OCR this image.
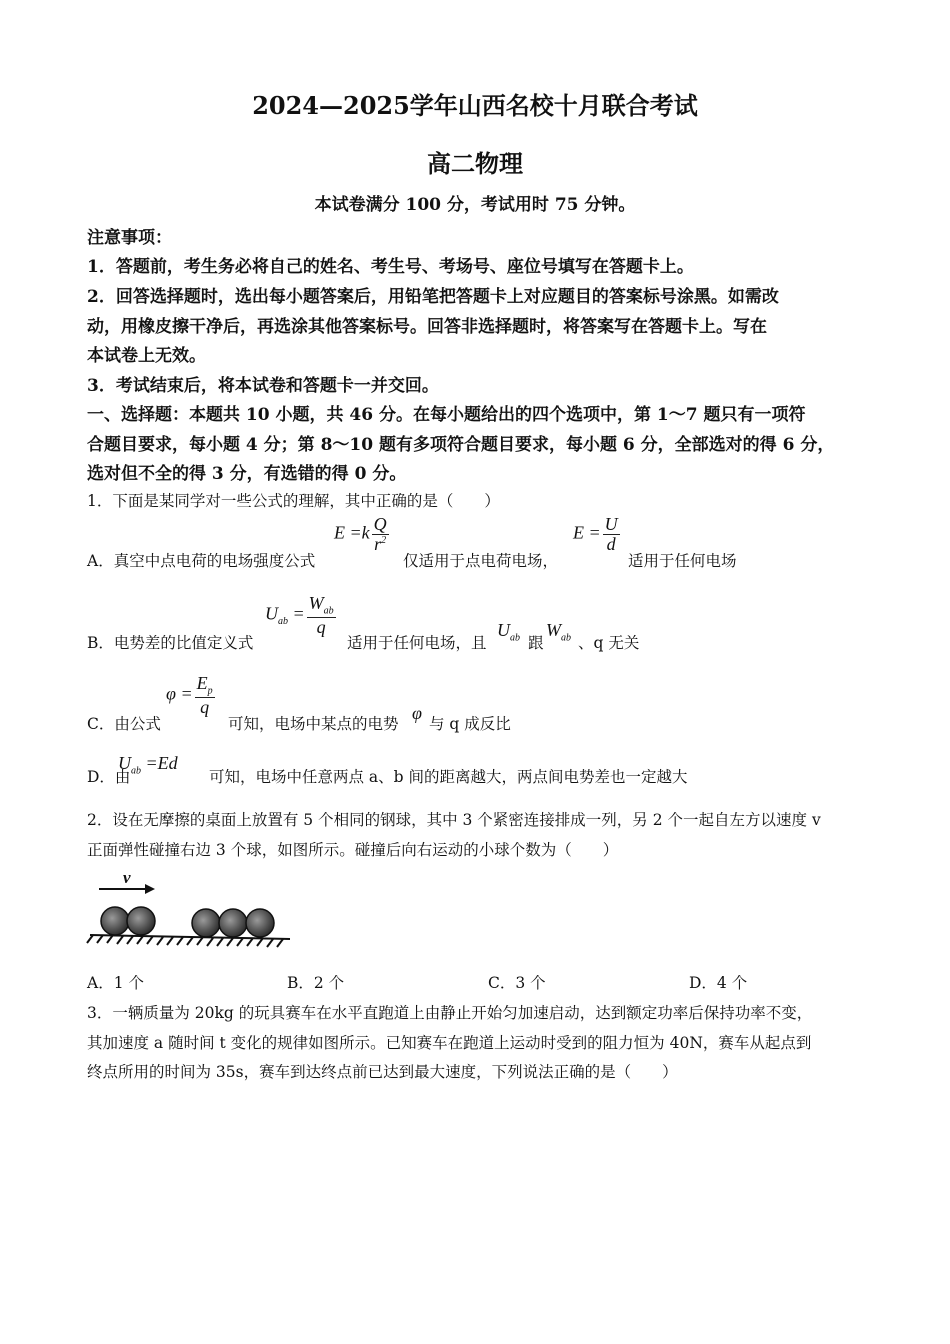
2024—2025学年山西名校十月联合考试
高二物理
本试卷满分 100 分，考试用时 75 分钟。
注意事项：
1．答题前，考生务必将自己的姓名、考生号、考场号、座位号填写在答题卡上。
2．回答选择题时，选出每小题答案后，用铅笔把答题卡上对应题目的答案标号涂黑。如需改
动，用橡皮擦干净后，再选涂其他答案标号。回答非选择题时，将答案写在答题卡上。写在
本试卷上无效。
3．考试结束后，将本试卷和答题卡一并交回。
一、选择题：本题共 10 小题，共 46 分。在每小题给出的四个选项中，第 1～7 题只有一项符
合题目要求，每小题 4 分；第 8～10 题有多项符合题目要求，每小题 6 分，全部选对的得 6 分，
选对但不全的得 3 分，有选错的得 0 分。
1．下面是某同学对一些公式的理解，其中正确的是（　　）
A．真空中点电荷的电场强度公式
$E =k \frac{Q}{r^2}$
仅适用于点电荷电场，
$E = \frac{U}{d}$
适用于任何电场
B．电势差的比值定义式
$U_{ab} = \frac{W_{ab}}{q}$
适用于任何电场，且
$U_{ab}$ 跟
$W_{ab}$ 、q 无关
C．由公式
$\varphi = \frac{E_p}{q}$
可知，电场中某点的电势
φ
与 q 成反比
D．由
$U_{ab} =Ed$
可知，电场中任意两点 a、b 间的距离越大，两点间电势差也一定越大
2．设在无摩擦的桌面上放置有 5 个相同的钢球，其中 3 个紧密连接排成一列，另 2 个一起自左方以速度 v
正面弹性碰撞右边 3 个球，如图所示。碰撞后向右运动的小球个数为（　　）
v
A．1 个	B．2 个	C．3 个	D．4 个
3．一辆质量为 20kg 的玩具赛车在水平直跑道上由静止开始匀加速启动，达到额定功率后保持功率不变，
其加速度 a 随时间 t 变化的规律如图所示。已知赛车在跑道上运动时受到的阻力恒为 40N，赛车从起点到
终点所用的时间为 35s，赛车到达终点前已达到最大速度，下列说法正确的是（　　）
